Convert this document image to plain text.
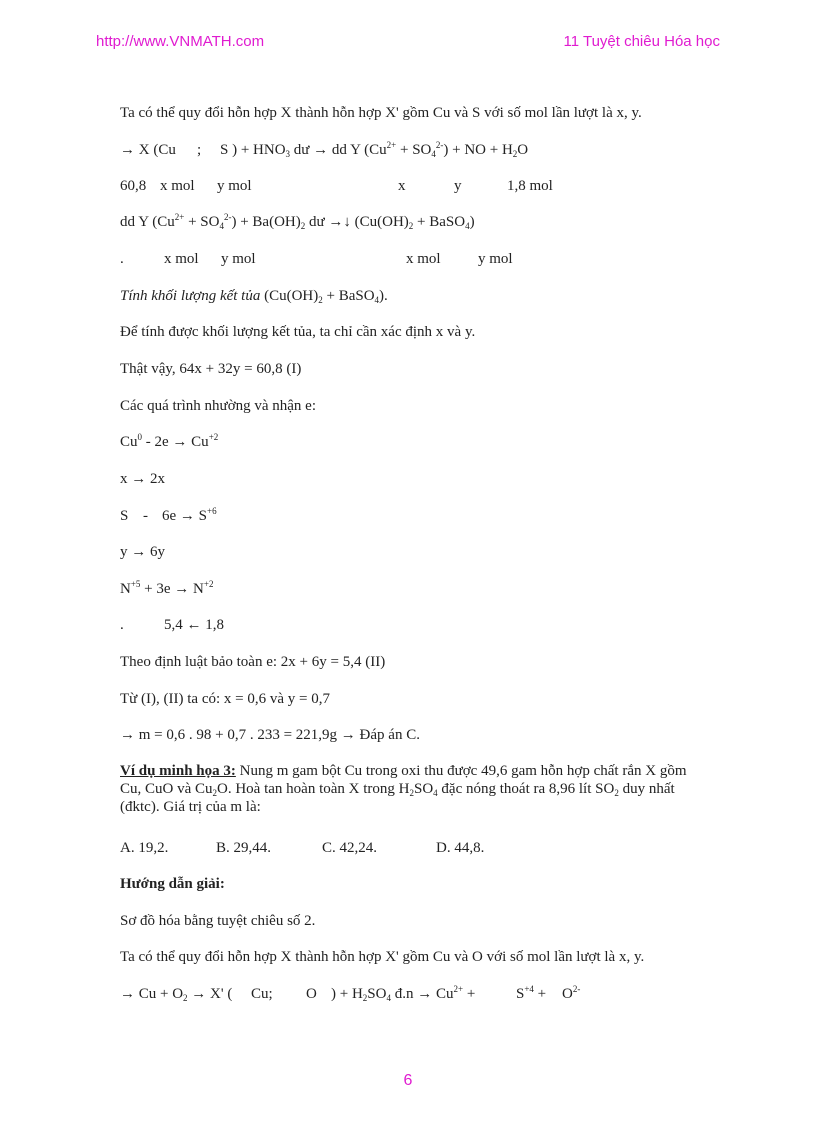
http://www.VNMATH.com	11 Tuyệt chiêu Hóa học
Ta có thể quy đổi hỗn hợp X thành hỗn hợp X' gồm Cu và S với số mol lần lượt là x, y.
→ X (Cu ; S ) + $HNO_3$ dư → dd Y $(Cu^{2+} + SO_4^{2-})$ + NO + $H_2O$
60,8 x mol y mol	x	y	1,8 mol
dd Y $(Cu^{2+} + SO_4^{2-}) + Ba(OH)_2$ dư →↓ ($Cu(OH)_2$ + BaSO$_4$)
.	x mol y mol	x mol y mol
Tính khối lượng kết tủa ($Cu(OH)_2$ + BaSO$_4$).
Để tính được khối lượng kết tủa, ta chỉ cần xác định x và y.
Thật vậy, 64x + 32y = 60,8 (I)
Các quá trình nhường và nhận e:
$Cu^0 - 2e \to Cu^{+2}$
x → 2x
$S - 6e \to S^{+6}$
y → 6y
$N^{+5} + 3e \to N^{+2}$
.	5,4 ← 1,8
Theo định luật bảo toàn e: 2x + 6y = 5,4 (II)
Từ (I), (II) ta có: x = 0,6 và y = 0,7
→ m = 0,6 . 98 + 0,7 . 233 = 221,9g → Đáp án C.
Ví dụ minh họa 3: Nung m gam bột Cu trong oxi thu được 49,6 gam hỗn hợp chất rắn X gồm Cu, CuO và $Cu_2O$. Hoà tan hoàn toàn X trong $H_2SO_4$ đặc nóng thoát ra 8,96 lít $SO_2$ duy nhất (đktc). Giá trị của m là:
A. 19,2.	B. 29,44.	C. 42,24.	D. 44,8.
Hướng dẫn giải:
Sơ đồ hóa bằng tuyệt chiêu số 2.
Ta có thể quy đổi hỗn hợp X thành hỗn hợp X' gồm Cu và O với số mol lần lượt là x, y.
→ $Cu + O_2 \to X'$ ( Cu; O ) + $H_2SO_4$ đ.n → $Cu^{2+}$ +	$S^{+4} + O^{2-}$
6
